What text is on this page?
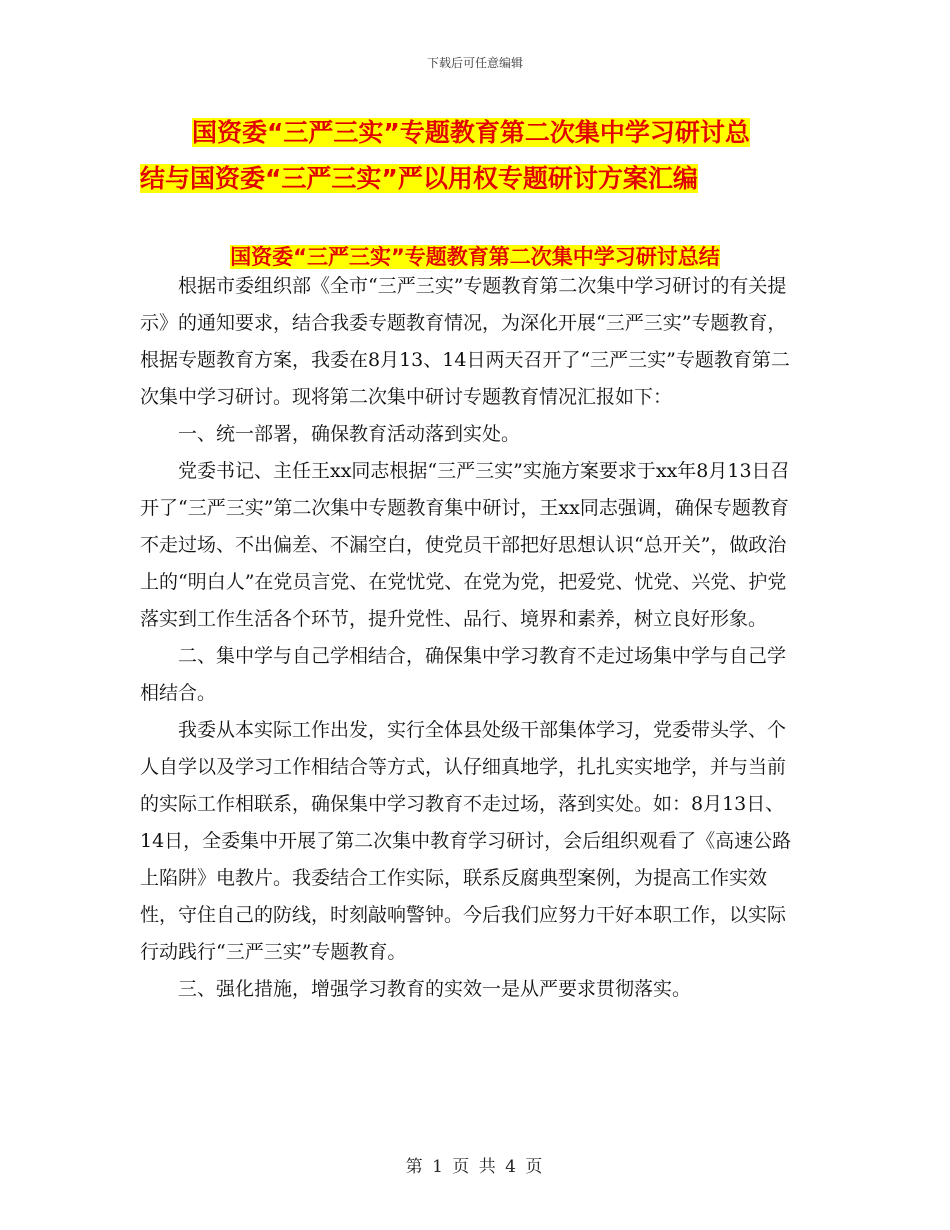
下载后可任意编辑
国资委“三严三实”专题教育第二次集中学习研讨总
结与国资委“三严三实”严以用权专题研讨方案汇编
国资委“三严三实”专题教育第二次集中学习研讨总结

根据市委组织部《全市“三严三实”专题教育第二次集中学习研讨的有关提示》的通知要求，结合我委专题教育情况，为深化开展“三严三实”专题教育，根据专题教育方案，我委在8月13、14日两天召开了“三严三实”专题教育第二次集中学习研讨。现将第二次集中研讨专题教育情况汇报如下：

一、统一部署，确保教育活动落到实处。

党委书记、主任王xx同志根据“三严三实”实施方案要求于xx年8月13日召开了“三严三实”第二次集中专题教育集中研讨，王xx同志强调，确保专题教育不走过场、不出偏差、不漏空白，使党员干部把好思想认识“总开关”，做政治上的“明白人”在党员言党、在党忧党、在党为党，把爱党、忧党、兴党、护党落实到工作生活各个环节，提升党性、品行、境界和素养，树立良好形象。

二、集中学与自己学相结合，确保集中学习教育不走过场集中学与自己学相结合。

我委从本实际工作出发，实行全体县处级干部集体学习，党委带头学、个人自学以及学习工作相结合等方式，认仔细真地学，扎扎实实地学，并与当前的实际工作相联系，确保集中学习教育不走过场，落到实处。如：8月13日、14日，全委集中开展了第二次集中教育学习研讨，会后组织观看了《高速公路上陷阱》电教片。我委结合工作实际，联系反腐典型案例，为提高工作实效性，守住自己的防线，时刻敲响警钟。今后我们应努力干好本职工作，以实际行动践行“三严三实”专题教育。

三、强化措施，增强学习教育的实效一是从严要求贯彻落实。

第 1 页 共 4 页
